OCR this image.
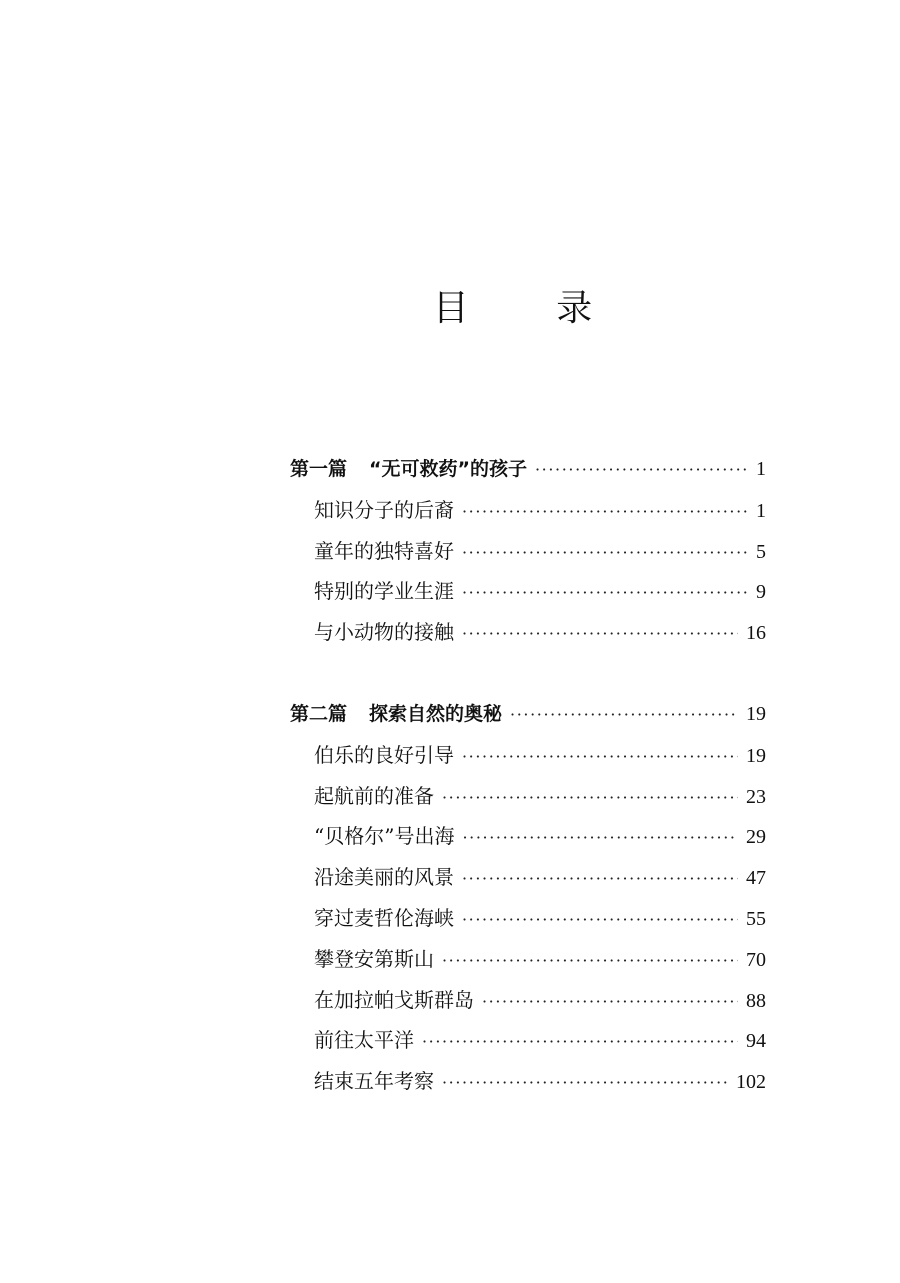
目 录
第一篇 “无可救药”的孩子 ·····	1
知识分子的后裔 ·····	1
童年的独特喜好 ·····	5
特别的学业生涯 ·····	9
与小动物的接触 ·····	16
第二篇 探索自然的奥秘 ·····	19
伯乐的良好引导 ·····	19
起航前的准备 ·····	23
“贝格尔”号出海 ·····	29
沿途美丽的风景 ·····	47
穿过麦哲伦海峡 ·····	55
攀登安第斯山 ·····	70
在加拉帕戈斯群岛 ·····	88
前往太平洋 ·····	94
结束五年考察 ·····	102
